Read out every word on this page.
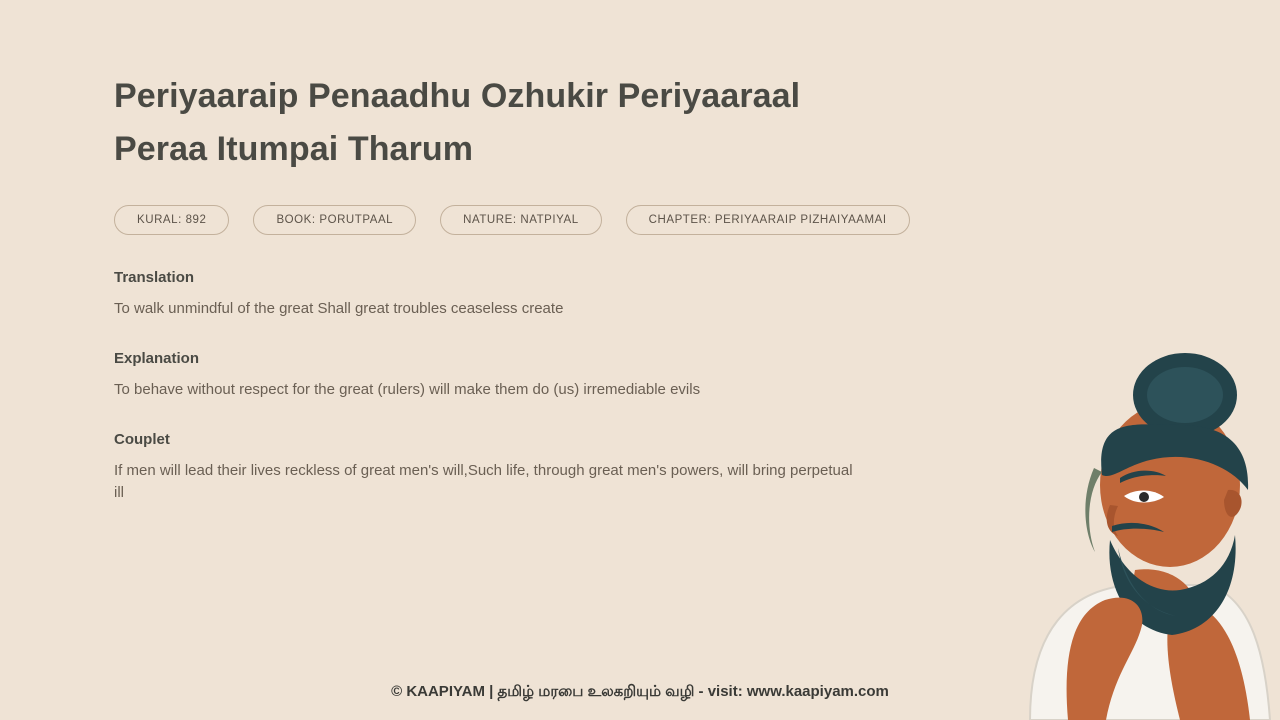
Periyaaraip Penaadhu Ozhukir Periyaaraal Peraa Itumpai Tharum
KURAL: 892	BOOK: PORUTPAAL	NATURE: NATPIYAL	CHAPTER: PERIYAARAIP PIZHAIYAAMAI

Translation

To walk unmindful of the great Shall great troubles ceaseless create

Explanation

To behave without respect for the great (rulers) will make them do (us) irremediable evils

Couplet

If men will lead their lives reckless of great men's will,Such life, through great men's powers, will bring perpetual ill

© KAAPIYAM | தமிழ் மரபை உலகறியும் வழி - visit: www.kaapiyam.com
